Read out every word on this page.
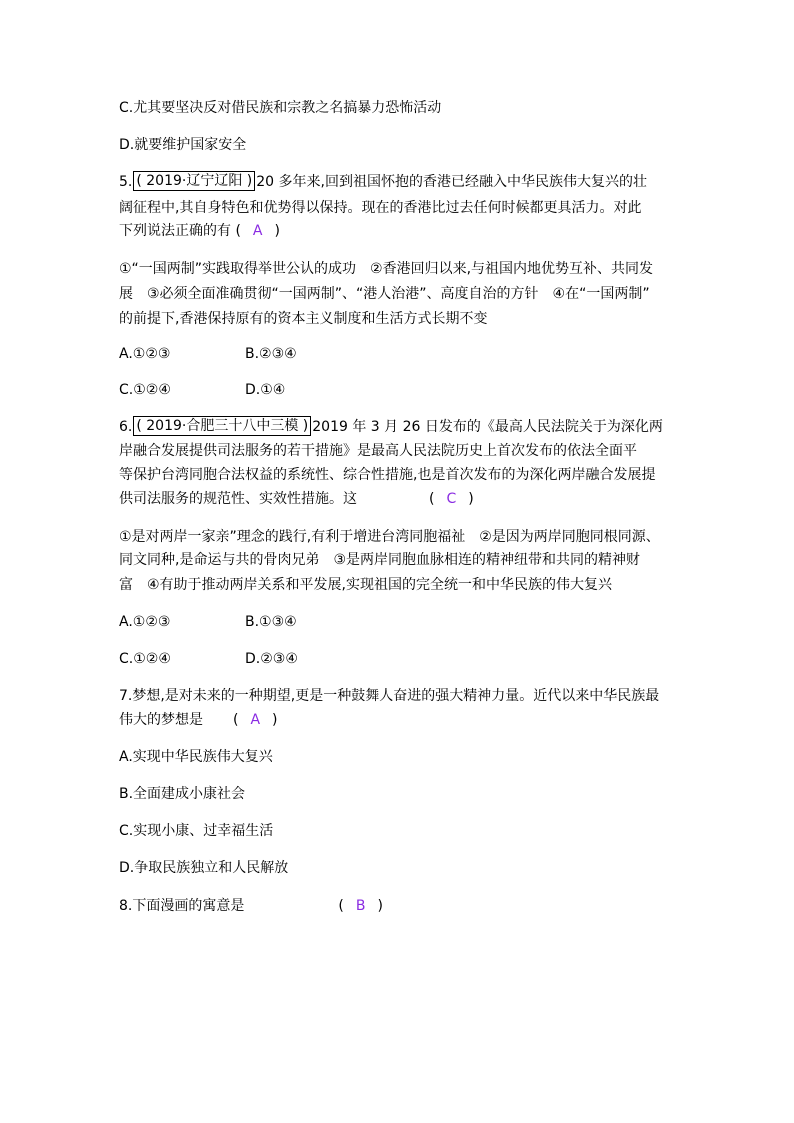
C.尤其要坚决反对借民族和宗教之名搞暴力恐怖活动
D.就要维护国家安全
5. ( 2019·辽宁辽阳 ) 20 多年来,回到祖国怀抱的香港已经融入中华民族伟大复兴的壮
阔征程中,其自身特色和优势得以保持。现在的香港比过去任何时候都更具活力。对此
下列说法正确的有 ( A )
①“一国两制”实践取得举世公认的成功　②香港回归以来,与祖国内地优势互补、共同发
展　③必须全面准确贯彻“一国两制”、“港人治港”、高度自治的方针　④在“一国两制”
的前提下,香港保持原有的资本主义制度和生活方式长期不变
A.①②③	B.②③④
C.①②④	D.①④
6. ( 2019·合肥三十八中三模 ) 2019 年 3 月 26 日发布的《最高人民法院关于为深化两
岸融合发展提供司法服务的若干措施》是最高人民法院历史上首次发布的依法全面平
等保护台湾同胞合法权益的系统性、综合性措施,也是首次发布的为深化两岸融合发展提
供司法服务的规范性、实效性措施。这	( C )
①是对两岸一家亲”理念的践行,有利于增进台湾同胞福祉　②是因为两岸同胞同根同源、
同文同种,是命运与共的骨肉兄弟　③是两岸同胞血脉相连的精神纽带和共同的精神财
富　④有助于推动两岸关系和平发展,实现祖国的完全统一和中华民族的伟大复兴
A.①②③	B.①③④
C.①②④	D.②③④
7.梦想,是对未来的一种期望,更是一种鼓舞人奋进的强大精神力量。近代以来中华民族最
伟大的梦想是 ( A )
A.实现中华民族伟大复兴
B.全面建成小康社会
C.实现小康、过幸福生活
D.争取民族独立和人民解放
8.下面漫画的寓意是	( B )
